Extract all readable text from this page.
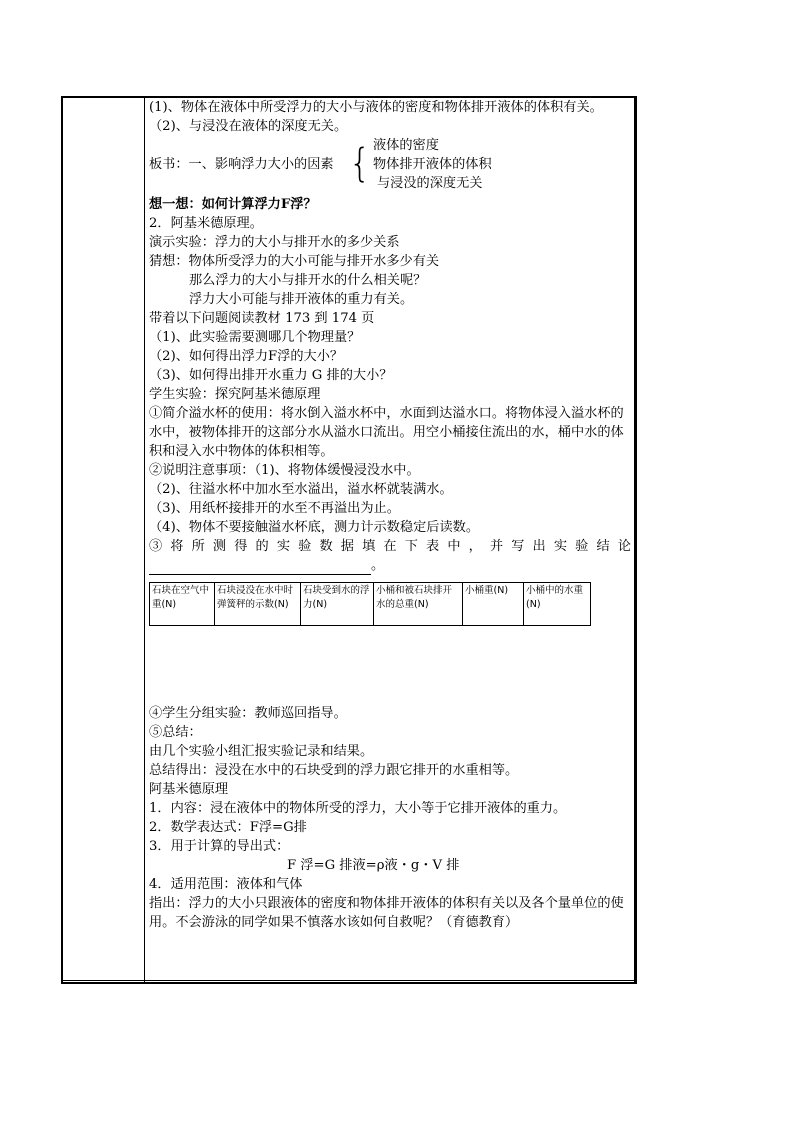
(1)、物体在液体中所受浮力的大小与液体的密度和物体排开液体的体积有关。
（2)、与浸没在液体的深度无关。
板书：一、影响浮力大小的因素 { 液体的密度
物体排开液体的体积
与浸没的深度无关
想一想：如何计算浮力F浮？
2．阿基米德原理。
演示实验：浮力的大小与排开水的多少关系
猜想：物体所受浮力的大小可能与排开水多少有关
那么浮力的大小与排开水的什么相关呢？
浮力大小可能与排开液体的重力有关。
带着以下问题阅读教材 173 到 174 页
（1)、此实验需要测哪几个物理量？
（2)、如何得出浮力F浮的大小？
（3)、如何得出排开水重力 G 排的大小？
学生实验：探究阿基米德原理
①简介溢水杯的使用：将水倒入溢水杯中，水面到达溢水口。将物体浸入溢水杯的水中，被物体排开的这部分水从溢水口流出。用空小桶接住流出的水，桶中水的体积和浸入水中物体的体积相等。
②说明注意事项：（1)、将物体缓慢浸没水中。
（2)、往溢水杯中加水至水溢出，溢水杯就装满水。
（3)、用纸杯接排开的水至不再溢出为止。
（4)、物体不要接触溢水杯底，测力计示数稳定后读数。
③ 将 所 测 得 的 实 验 数 据 填 在 下 表 中 ， 并 写 出 实 验 结 论
。
石块在空气中重(N)	石块浸没在水中时弹簧秤的示数(N)	石块受到水的浮力(N)	小桶和被石块排开水的总重(N)	小桶重(N)	小桶中的水重(N)
④学生分组实验：教师巡回指导。
⑤总结：
由几个实验小组汇报实验记录和结果。
总结得出：浸没在水中的石块受到的浮力跟它排开的水重相等。
阿基米德原理
1．内容：浸在液体中的物体所受的浮力，大小等于它排开液体的重力。
2．数学表达式：F浮=G排
3．用于计算的导出式：
F 浮=G 排液=ρ液・g・V 排
4．适用范围：液体和气体
指出：浮力的大小只跟液体的密度和物体排开液体的体积有关以及各个量单位的使用。不会游泳的同学如果不慎落水该如何自救呢？（育德教育）
